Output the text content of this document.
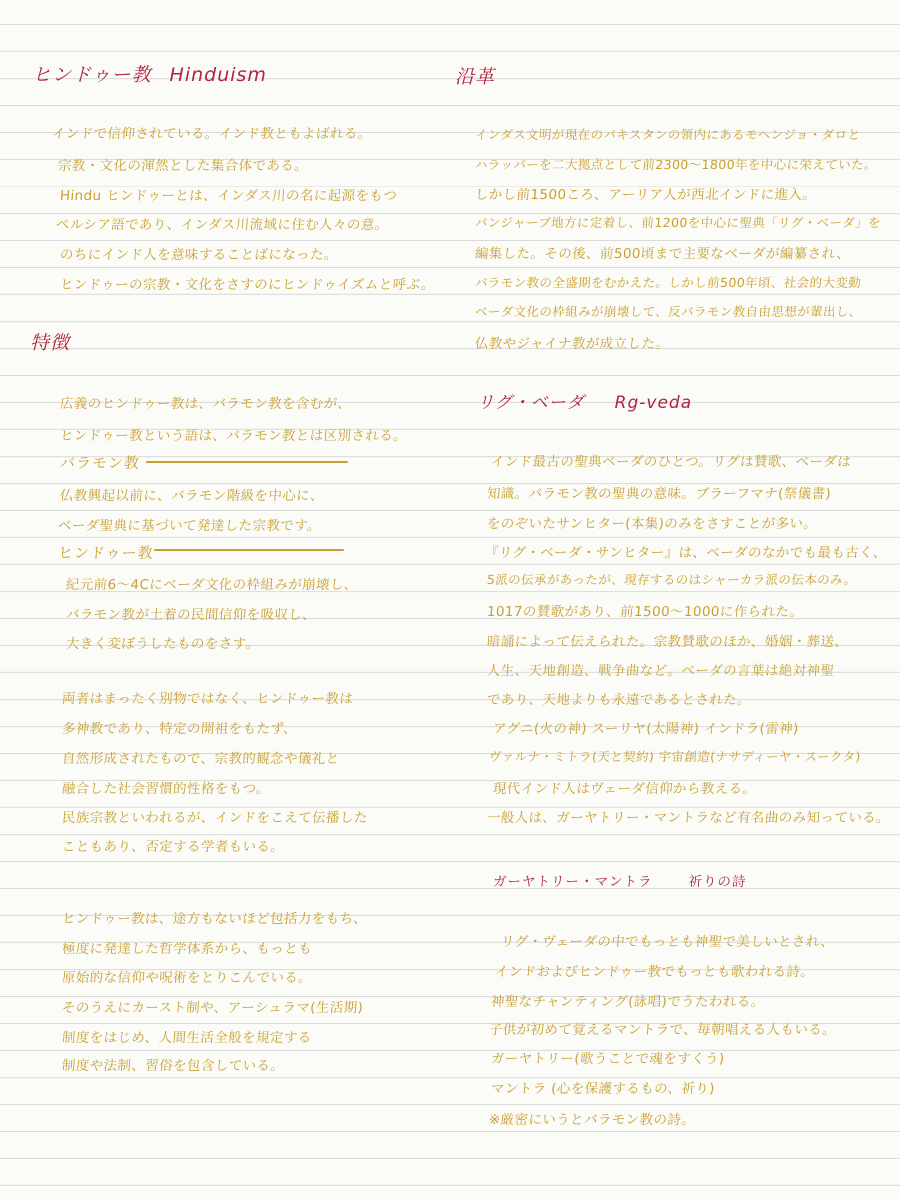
ヒンドゥー教 Hinduism
インドで信仰されている。インド教ともよばれる。
宗教・文化の渾然とした集合体である。
Hindu ヒンドゥーとは、インダス川の名に起源をもつ
ペルシア語であり、インダス川流域に住む人々の意。
のちにインド人を意味することばになった。
ヒンドゥーの宗教・文化をさすのにヒンドゥイズムと呼ぶ。
特徴
広義のヒンドゥー教は、バラモン教を含むが、
ヒンドゥー教という語は、バラモン教とは区別される。
バラモン教
仏教興起以前に、バラモン階級を中心に、
ベーダ聖典に基づいて発達した宗教です。
ヒンドゥー教
紀元前6〜4Cにベーダ文化の枠組みが崩壊し、
バラモン教が土着の民間信仰を吸収し、
大きく変ぼうしたものをさす。
両者はまったく別物ではなく、ヒンドゥー教は
多神教であり、特定の開祖をもたず、
自然形成されたもので、宗教的観念や儀礼と
融合した社会習慣的性格をもつ。
民族宗教といわれるが、インドをこえて伝播した
こともあり、否定する学者もいる。
ヒンドゥー教は、途方もないほど包括力をもち、
極度に発達した哲学体系から、もっとも
原始的な信仰や呪術をとりこんでいる。
そのうえにカースト制や、アーシュラマ(生活期)
制度をはじめ、人間生活全般を規定する
制度や法制、習俗を包含している。
沿革
インダス文明が現在のパキスタンの領内にあるモヘンジョ・ダロと
ハラッパーを二大拠点として前2300〜1800年を中心に栄えていた。
しかし前1500ころ、アーリア人が西北インドに進入。
パンジャーブ地方に定着し、前1200を中心に聖典「リグ・ベーダ」を
編集した。その後、前500頃まで主要なベーダが編纂され、
バラモン教の全盛期をむかえた。しかし前500年頃、社会的大変動
ベーダ文化の枠組みが崩壊して、反バラモン教自由思想が輩出し、
仏教やジャイナ教が成立した。
リグ・ベーダ Rg-veda
インド最古の聖典ベーダのひとつ。リグは賛歌、ベーダは
知識。バラモン教の聖典の意味。ブラーフマナ(祭儀書)
をのぞいたサンヒター(本集)のみをさすことが多い。
『リグ・ベーダ・サンヒター』は、ベーダのなかでも最も古く、
5派の伝承があったが、現存するのはシャーカラ派の伝本のみ。
1017の賛歌があり、前1500〜1000に作られた。
暗誦によって伝えられた。宗教賛歌のほか、婚姻・葬送、
人生、天地創造、戦争曲など。ベーダの言葉は絶対神聖
であり、天地よりも永遠であるとされた。
アグニ(火の神) スーリヤ(太陽神) インドラ(雷神)
ヴァルナ・ミトラ(天と契約) 宇宙創造(ナサディーヤ・スークタ)
現代インド人はヴェーダ信仰から教える。
一般人は、ガーヤトリー・マントラなど有名曲のみ知っている。
ガーヤトリー・マントラ	祈りの詩
リグ・ヴェーダの中でもっとも神聖で美しいとされ、
インドおよびヒンドゥー教でもっとも歌われる詩。
神聖なチャンティング(詠唱)でうたわれる。
子供が初めて覚えるマントラで、毎朝唱える人もいる。
ガーヤトリー(歌うことで魂をすくう)
マントラ (心を保護するもの、祈り)
※厳密にいうとバラモン教の詩。
